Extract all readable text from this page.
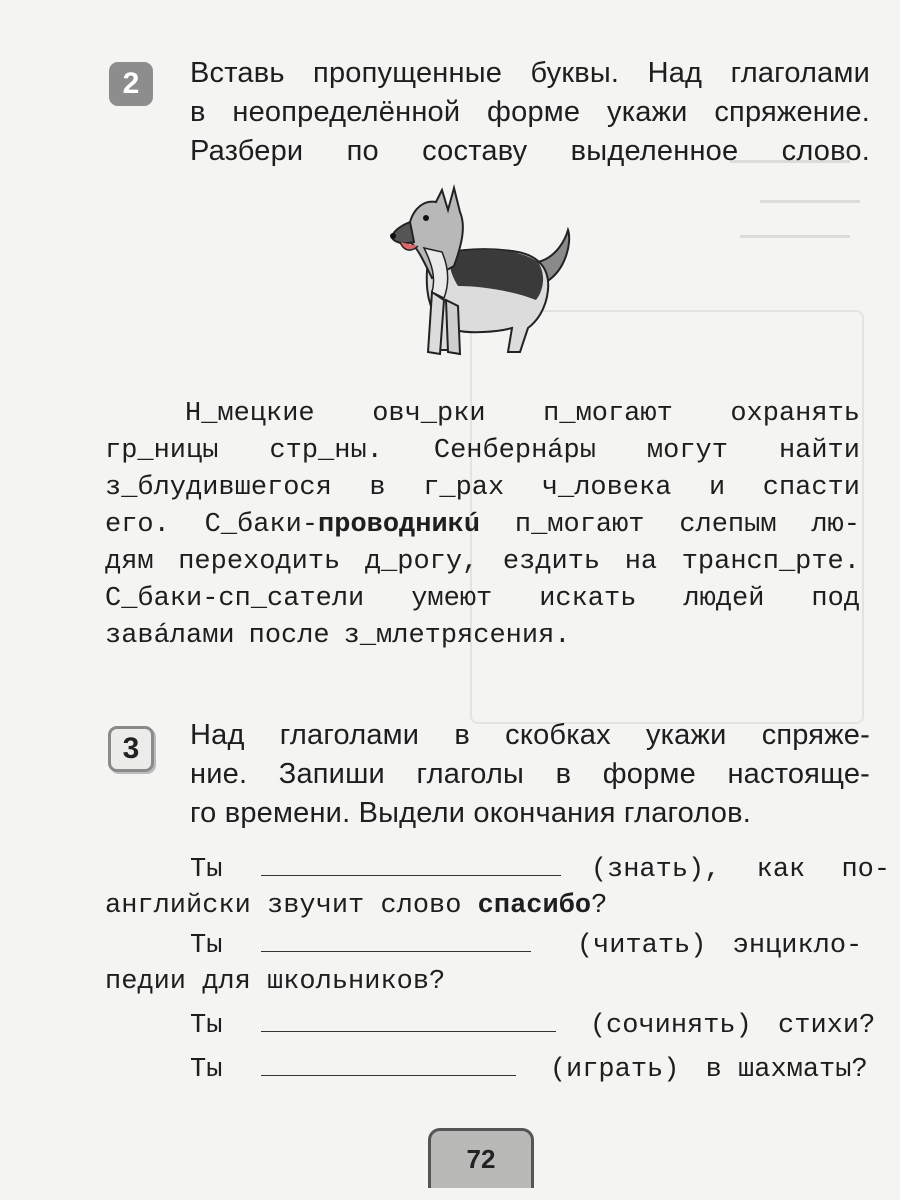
2	Вставь пропущенные буквы. Над глаголами
в неопределённой форме укажи спряжение.
Разбери по составу выделенное слово.
Н_мецкие овч_рки п_могают охранять
гр_ницы стр_ны. Сенбернáры могут найти
з_блудившегося в г_рах ч_ловека и спасти
его. С_баки-проводникú п_могают слепым лю-
дям переходить д_рогу, ездить на трансп_рте.
С_баки-сп_сатели умеют искать людей под
завáлами после з_млетрясения.
3	Над глаголами в скобках укажи спряже-
ние. Запиши глаголы в форме настояще-
го времени. Выдели окончания глаголов.
Ты	(знать), как по-
английски звучит слово спасибо?
Ты	(читать) энциклo-
педии для школьников?
Ты	(сочинять) стихи?
Ты	(играть) в шахматы?
72
